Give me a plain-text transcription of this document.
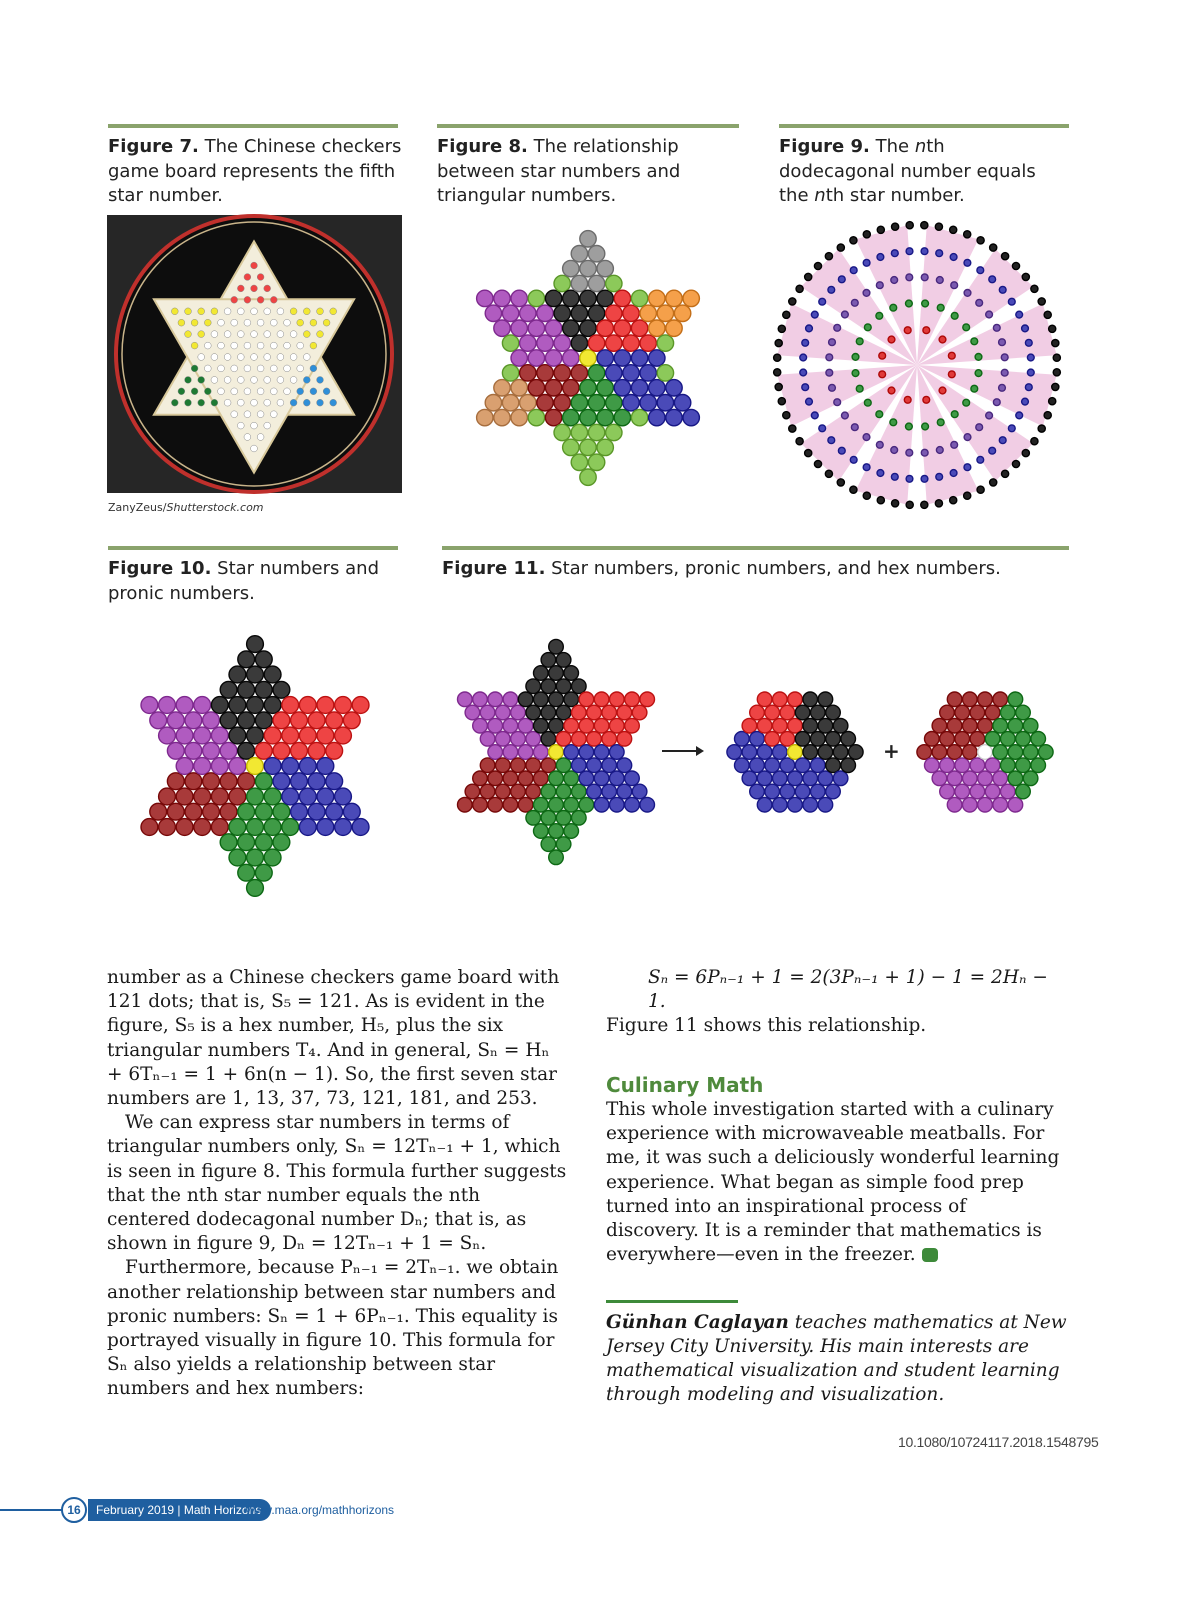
Figure 7. The Chinese checkers game board represents the fifth star number.
Figure 8. The relationship between star numbers and triangular numbers.
Figure 9. The nth dodecagonal number equals the nth star number.
ZanyZeus/Shutterstock.com
Figure 10. Star numbers and pronic numbers.
Figure 11. Star numbers, pronic numbers, and hex numbers.
+

number as a Chinese checkers game board with 121 dots; that is, S₅ = 121. As is evident in the figure, S₅ is a hex number, H₅, plus the six triangular numbers T₄. And in general, Sₙ = Hₙ + 6Tₙ₋₁ = 1 + 6n(n − 1). So, the first seven star numbers are 1, 13, 37, 73, 121, 181, and 253.

We can express star numbers in terms of triangular numbers only, Sₙ = 12Tₙ₋₁ + 1, which is seen in figure 8. This formula further suggests that the nth star number equals the nth centered dodecagonal number Dₙ; that is, as shown in figure 9, Dₙ = 12Tₙ₋₁ + 1 = Sₙ.

Furthermore, because Pₙ₋₁ = 2Tₙ₋₁. we obtain another relationship between star numbers and pronic numbers: Sₙ = 1 + 6Pₙ₋₁. This equality is portrayed visually in figure 10. This formula for Sₙ also yields a relationship between star numbers and hex numbers:

Sₙ = 6Pₙ₋₁ + 1 = 2(3Pₙ₋₁ + 1) − 1 = 2Hₙ − 1.
Figure 11 shows this relationship.
Culinary Math
This whole investigation started with a culinary experience with microwaveable meatballs. For me, it was such a deliciously wonderful learning experience. What began as simple food prep turned into an inspirational process of discovery. It is a reminder that mathematics is everywhere—even in the freezer.
Günhan Caglayan teaches mathematics at New Jersey City University. His main interests are mathematical visualization and student learning through modeling and visualization.
10.1080/10724117.2018.1548795
16	February 2019 | Math Horizons
www.maa.org/mathhorizons
